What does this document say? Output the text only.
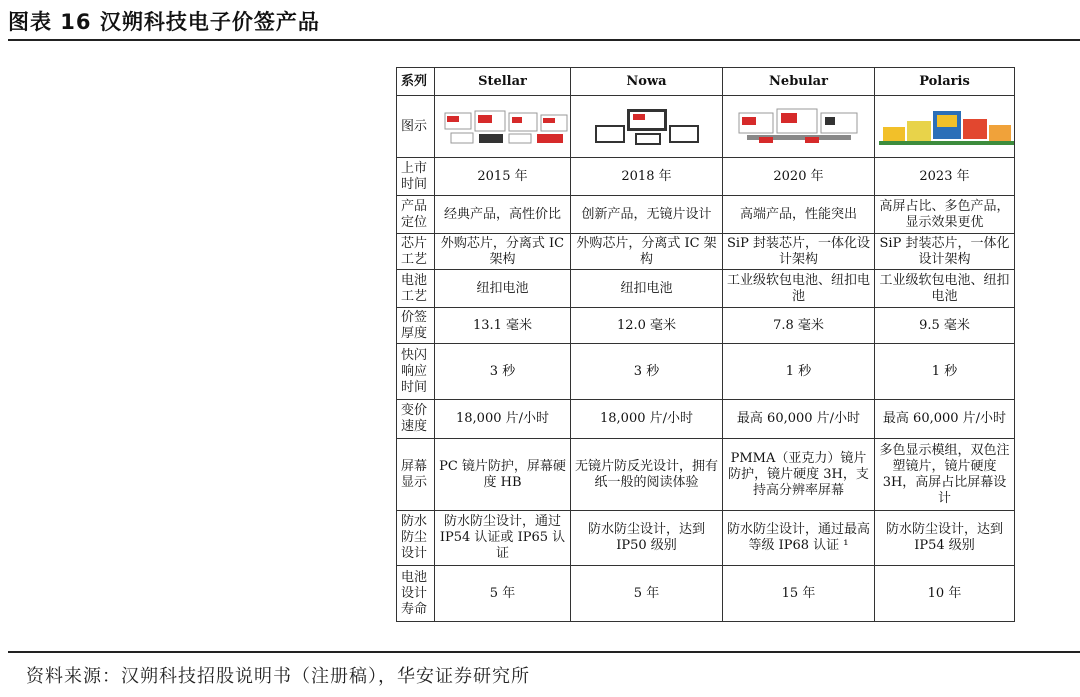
图表 16 汉朔科技电子价签产品
系列	Stellar	Nowa	Nebular	Polaris
图示				
上市时间	2015 年	2018 年	2020 年	2023 年
产品定位	经典产品，高性价比	创新产品，无镜片设计	高端产品，性能突出	高屏占比、多色产品，显示效果更优
芯片工艺	外购芯片，分离式 IC 架构	外购芯片，分离式 IC 架构	SiP 封装芯片，一体化设计架构	SiP 封装芯片，一体化设计架构
电池工艺	纽扣电池	纽扣电池	工业级软包电池、纽扣电池	工业级软包电池、纽扣电池
价签厚度	13.1 毫米	12.0 毫米	7.8 毫米	9.5 毫米
快闪响应时间	3 秒	3 秒	1 秒	1 秒
变价速度	18,000 片/小时	18,000 片/小时	最高 60,000 片/小时	最高 60,000 片/小时
屏幕显示	PC 镜片防护，屏幕硬度 HB	无镜片防反光设计，拥有纸一般的阅读体验	PMMA（亚克力）镜片防护，镜片硬度 3H，支持高分辨率屏幕	多色显示模组，双色注塑镜片，镜片硬度 3H，高屏占比屏幕设计
防水防尘设计	防水防尘设计，通过 IP54 认证或 IP65 认证	防水防尘设计，达到 IP50 级别	防水防尘设计，通过最高等级 IP68 认证 ¹	防水防尘设计，达到 IP54 级别
电池设计寿命	5 年	5 年	15 年	10 年
资料来源：汉朔科技招股说明书（注册稿），华安证券研究所
